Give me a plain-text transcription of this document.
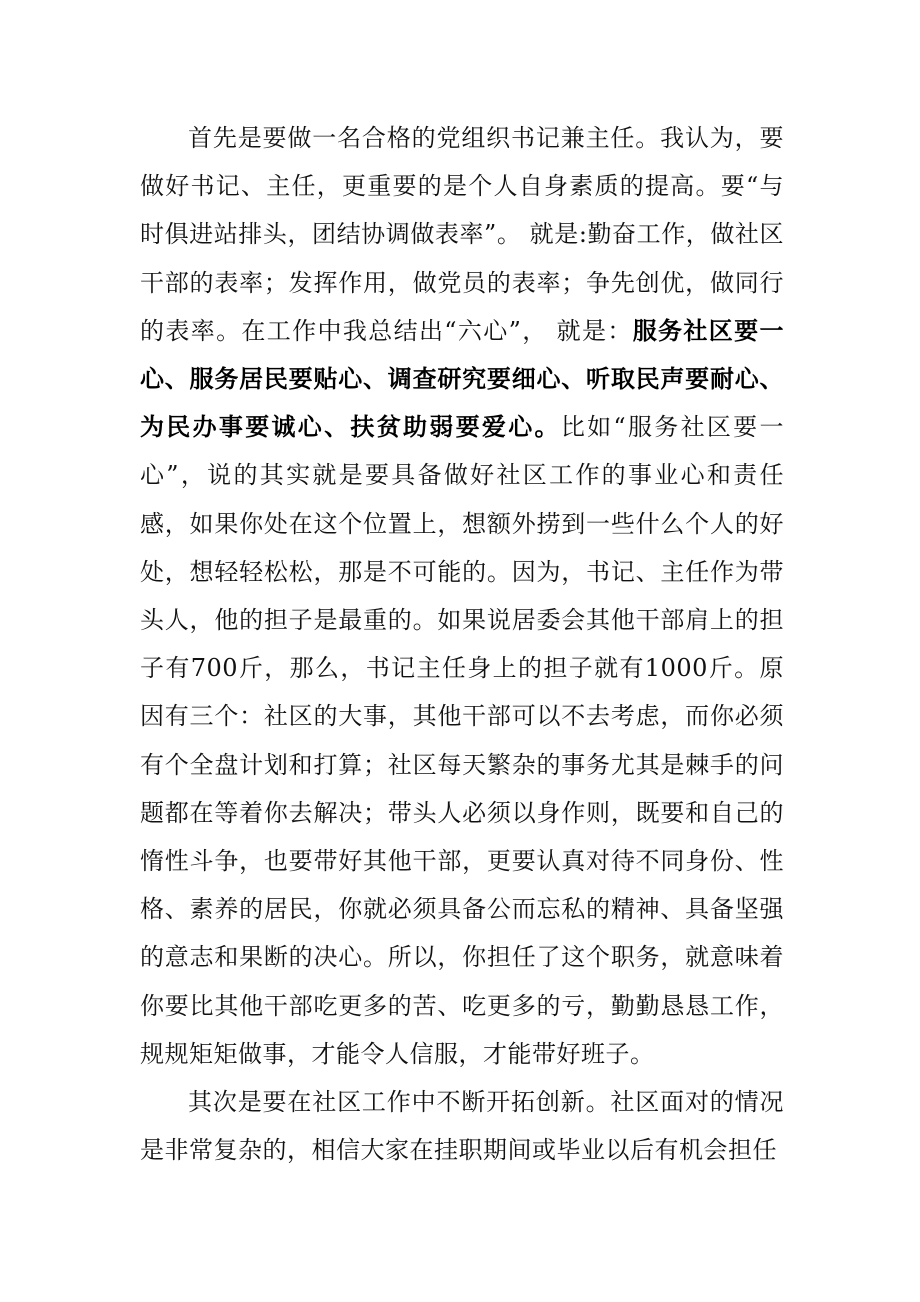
首先是要做一名合格的党组织书记兼主任。我认为，要做好书记、主任，更重要的是个人自身素质的提高。要“与时俱进站排头，团结协调做表率”。 就是:勤奋工作，做社区干部的表率；发挥作用，做党员的表率；争先创优，做同行的表率。在工作中我总结出“六心”， 就是：服务社区要一心、服务居民要贴心、调查研究要细心、听取民声要耐心、为民办事要诚心、扶贫助弱要爱心。比如“服务社区要一心”，说的其实就是要具备做好社区工作的事业心和责任感，如果你处在这个位置上，想额外捞到一些什么个人的好处，想轻轻松松，那是不可能的。因为，书记、主任作为带头人，他的担子是最重的。如果说居委会其他干部肩上的担子有700斤，那么，书记主任身上的担子就有1000斤。原因有三个：社区的大事，其他干部可以不去考虑，而你必须有个全盘计划和打算；社区每天繁杂的事务尤其是棘手的问题都在等着你去解决；带头人必须以身作则，既要和自己的惰性斗争，也要带好其他干部，更要认真对待不同身份、性格、素养的居民，你就必须具备公而忘私的精神、具备坚强的意志和果断的决心。所以，你担任了这个职务，就意味着你要比其他干部吃更多的苦、吃更多的亏，勤勤恳恳工作，规规矩矩做事，才能令人信服，才能带好班子。

其次是要在社区工作中不断开拓创新。社区面对的情况是非常复杂的，相信大家在挂职期间或毕业以后有机会担任
